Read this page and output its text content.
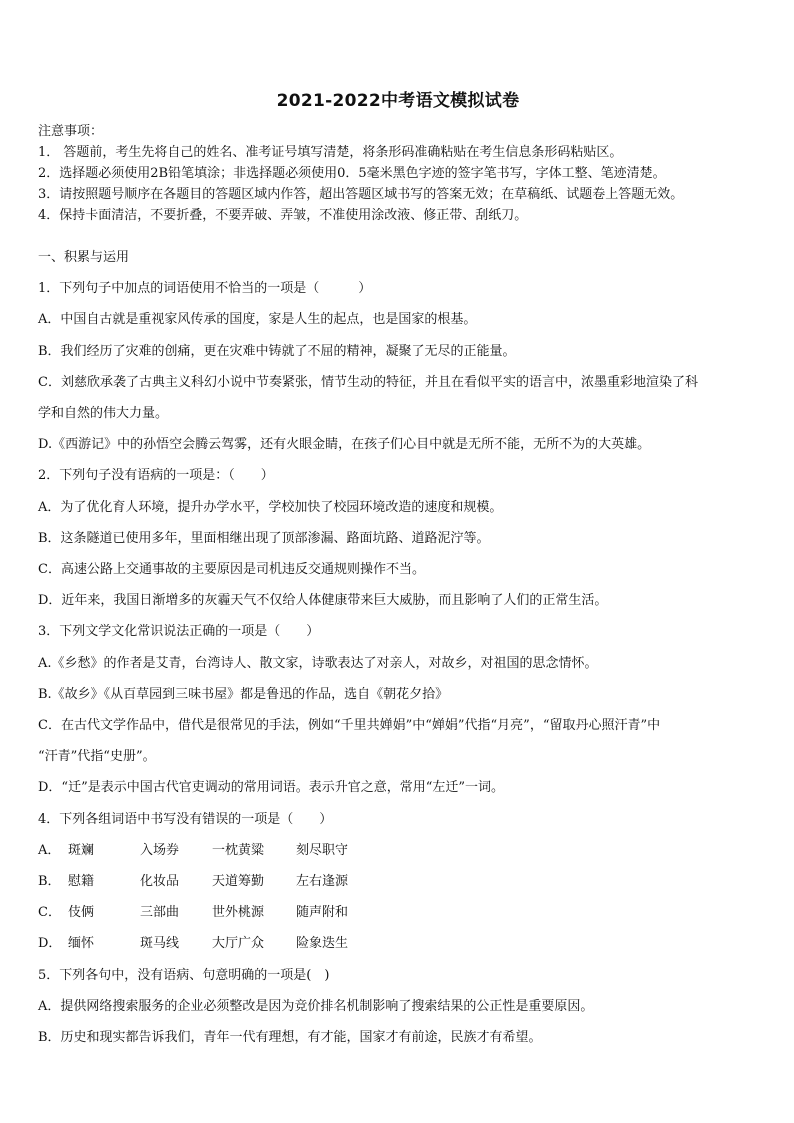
2021-2022中考语文模拟试卷
注意事项：
1． 答题前，考生先将自己的姓名、准考证号填写清楚，将条形码准确粘贴在考生信息条形码粘贴区。
2．选择题必须使用2B铅笔填涂；非选择题必须使用0．5毫米黑色字迹的签字笔书写，字体工整、笔迹清楚。
3．请按照题号顺序在各题目的答题区域内作答，超出答题区域书写的答案无效；在草稿纸、试题卷上答题无效。
4．保持卡面清洁，不要折叠，不要弄破、弄皱，不准使用涂改液、修正带、刮纸刀。
一、积累与运用
1．下列句子中加点的词语使用不恰当的一项是（　　　）
A．中国自古就是重视家风传承的国度，家是人生的起点，也是国家的根基。
B．我们经历了灾难的创痛，更在灾难中铸就了不屈的精神，凝聚了无尽的正能量。
C．刘慈欣承袭了古典主义科幻小说中节奏紧张，情节生动的特征，并且在看似平实的语言中，浓墨重彩地渲染了科
学和自然的伟大力量。
D.《西游记》中的孙悟空会腾云驾雾，还有火眼金睛，在孩子们心目中就是无所不能，无所不为的大英雄。
2．下列句子没有语病的一项是：（　　）
A．为了优化育人环境，提升办学水平，学校加快了校园环境改造的速度和规模。
B．这条隧道已使用多年，里面相继出现了顶部渗漏、路面坑路、道路泥泞等。
C．高速公路上交通事故的主要原因是司机违反交通规则操作不当。
D．近年来，我国日渐增多的灰霾天气不仅给人体健康带来巨大威胁，而且影响了人们的正常生活。
3．下列文学文化常识说法正确的一项是（　　）
A.《乡愁》的作者是艾青，台湾诗人、散文家，诗歌表达了对亲人，对故乡，对祖国的思念情怀。
B.《故乡》《从百草园到三味书屋》都是鲁迅的作品，选自《朝花夕拾》
C．在古代文学作品中，借代是很常见的手法，例如“千里共婵娟”中“婵娟”代指“月亮”，“留取丹心照汗青”中
“汗青”代指“史册”。
D．“迁”是表示中国古代官吏调动的常用词语。表示升官之意，常用“左迁”一词。
4．下列各组词语中书写没有错误的一项是（　　）
A． 斑斓	入场券	一枕黄粱	刻尽职守
B． 慰籍	化妆品	天道筹勤	左右逢源
C． 伎俩	三部曲	世外桃源	随声附和
D． 缅怀	斑马线	大厅广众	险象迭生
5．下列各句中，没有语病、句意明确的一项是(　)
A．提供网络搜索服务的企业必须整改是因为竞价排名机制影响了搜索结果的公正性是重要原因。
B．历史和现实都告诉我们，青年一代有理想，有才能，国家才有前途，民族才有希望。
